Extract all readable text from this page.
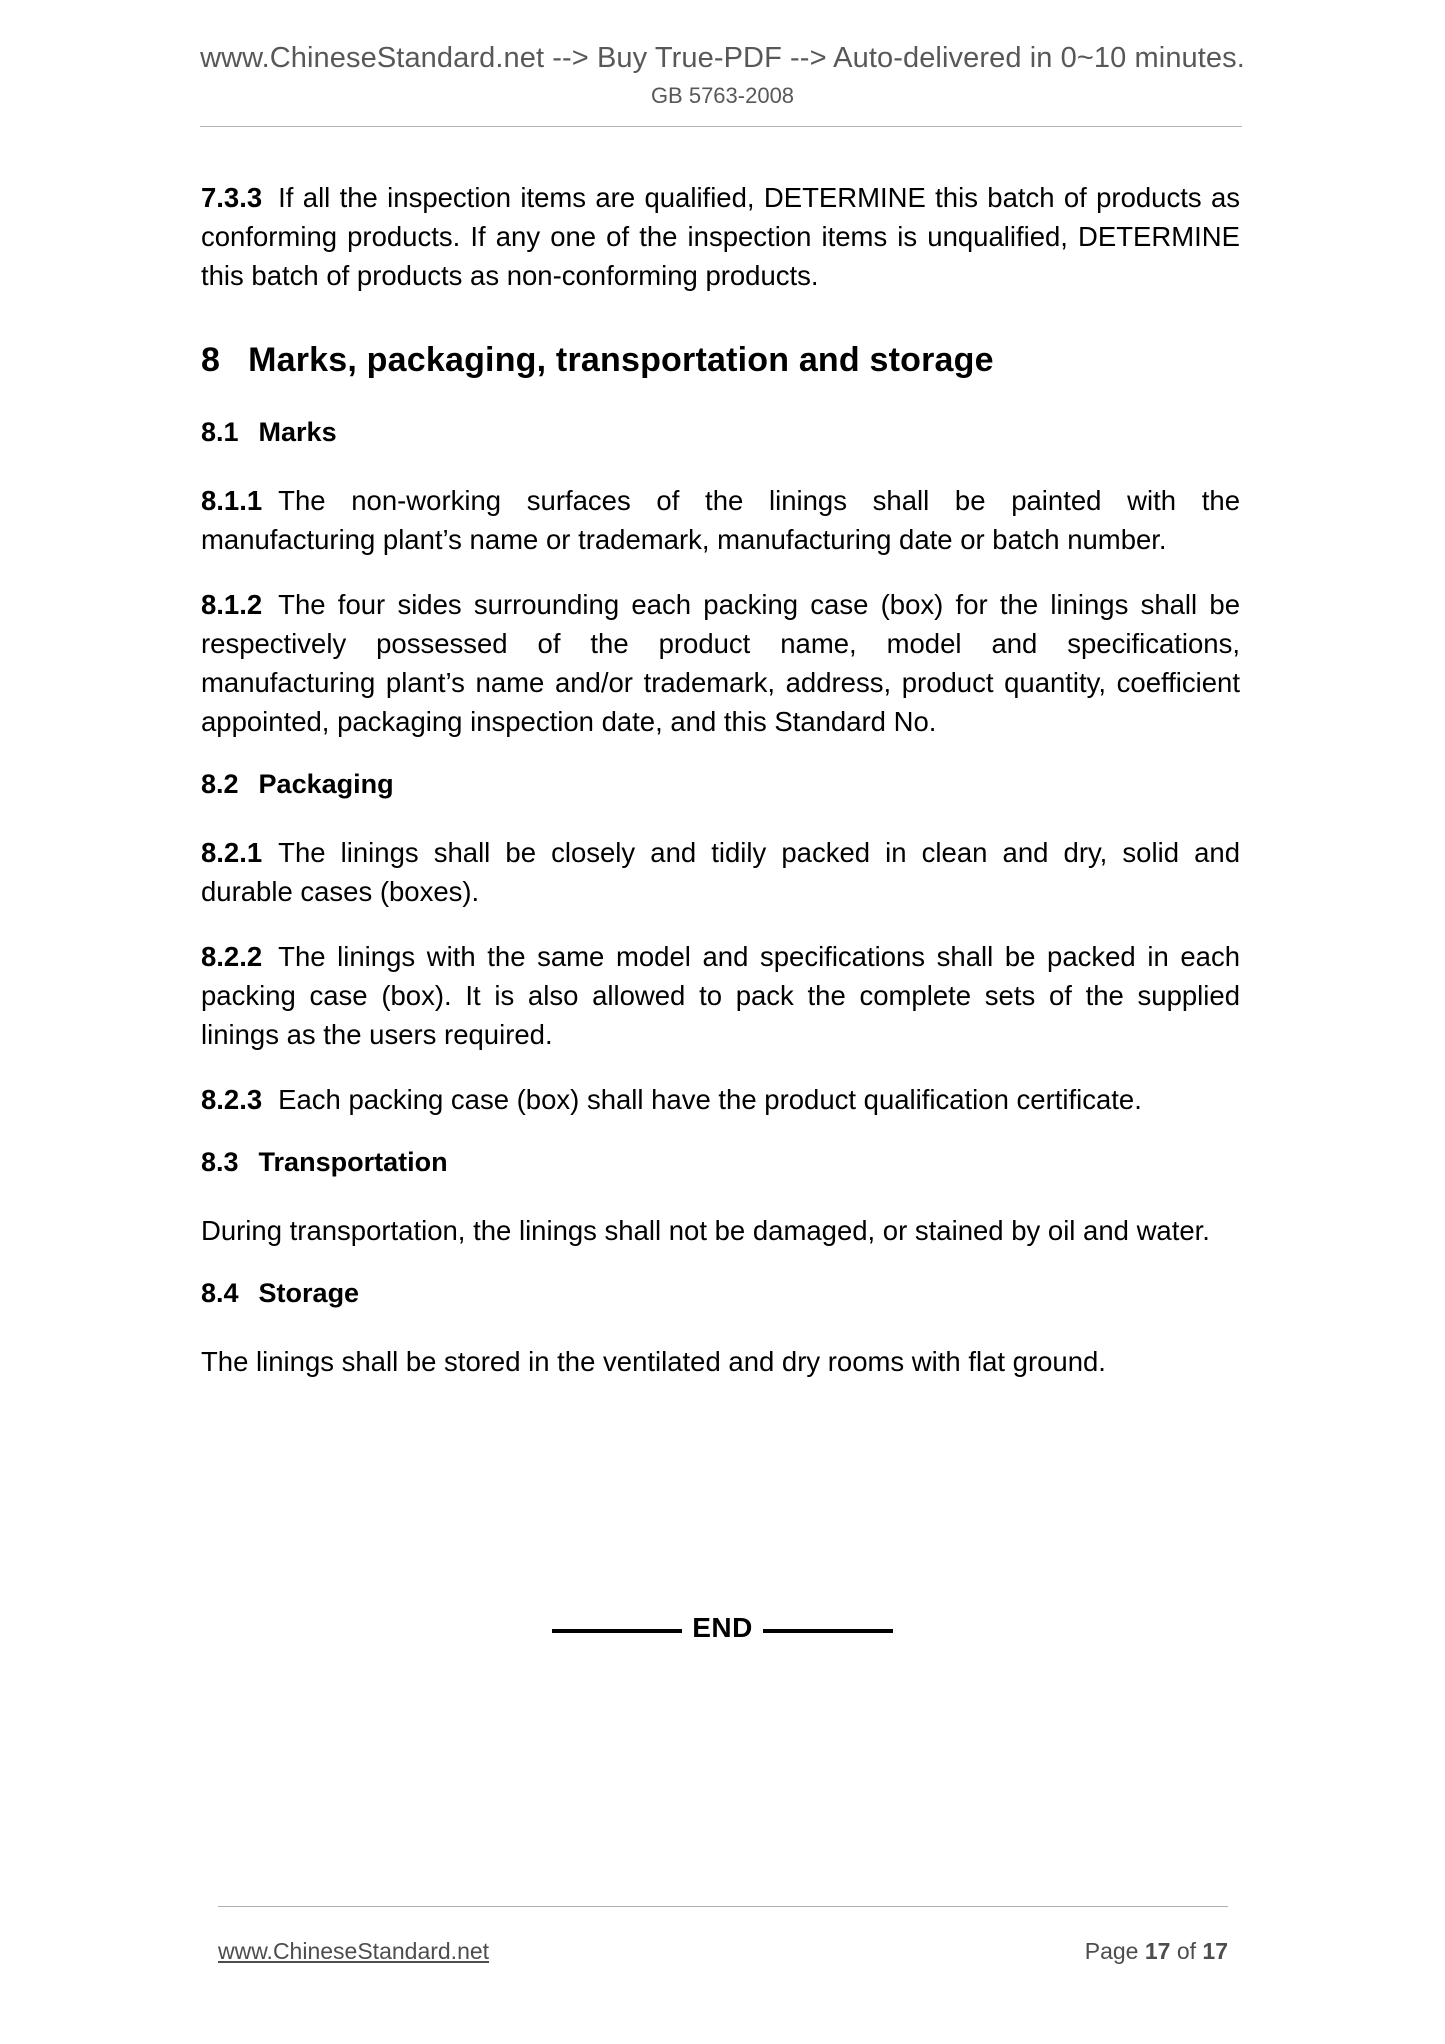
www.ChineseStandard.net --> Buy True-PDF --> Auto-delivered in 0~10 minutes.
GB 5763-2008

7.3.3 If all the inspection items are qualified, DETERMINE this batch of products as conforming products. If any one of the inspection items is unqualified, DETERMINE this batch of products as non-conforming products.

8 Marks, packaging, transportation and storage
8.1 Marks

8.1.1 The non-working surfaces of the linings shall be painted with the manufacturing plant’s name or trademark, manufacturing date or batch number.

8.1.2 The four sides surrounding each packing case (box) for the linings shall be respectively possessed of the product name, model and specifications, manufacturing plant’s name and/or trademark, address, product quantity, coefficient appointed, packaging inspection date, and this Standard No.

8.2 Packaging

8.2.1 The linings shall be closely and tidily packed in clean and dry, solid and durable cases (boxes).

8.2.2 The linings with the same model and specifications shall be packed in each packing case (box). It is also allowed to pack the complete sets of the supplied linings as the users required.

8.2.3 Each packing case (box) shall have the product qualification certificate.

8.3 Transportation

During transportation, the linings shall not be damaged, or stained by oil and water.

8.4 Storage

The linings shall be stored in the ventilated and dry rooms with flat ground.

END
www.ChineseStandard.net	Page 17 of 17
